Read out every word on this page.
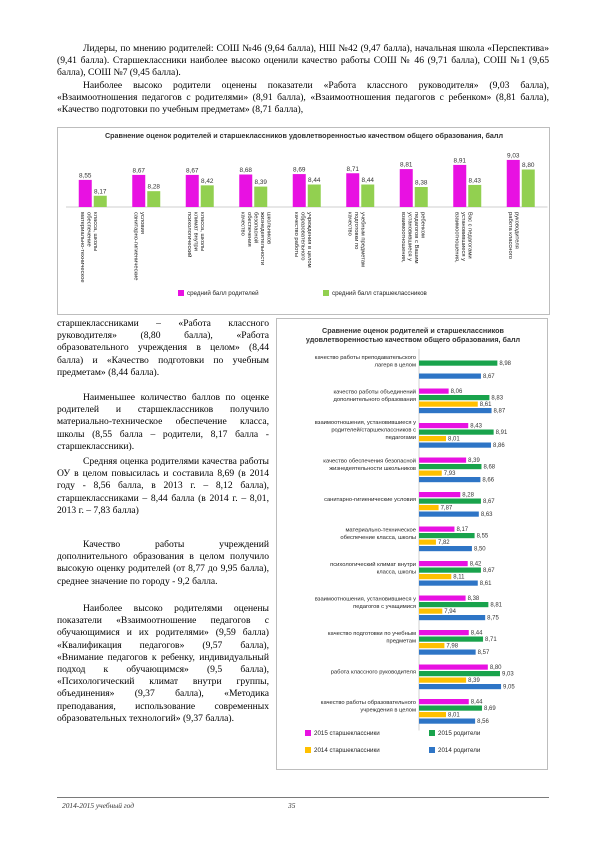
Лидеры, по мнению родителей: СОШ №46 (9,64 балла), НШ №42 (9,47 балла), начальная школа «Перспектива» (9,41 балла). Старшеклассники наиболее высоко оценили качество работы СОШ № 46 (9,71 балла), СОШ №1 (9,65 балла), СОШ №7 (9,45 балла).
Наиболее высоко родители оценены показатели «Работа классного руководителя» (9,03 балла), «Взаимоотношения педагогов с родителями» (8,91 балла), «Взаимоотношения педагогов с ребенком» (8,81 балла), «Качество подготовки по учебным предметам» (8,71 балла),
Сравнение оценок родителей и старшеклассников удовлетворенностью качеством общего образования, балл
8,55
8,17
материально-техническое обеспечение класса, школы
8,67
8,28
санитарно-гигиенические условия
8,67
8,42
психологический климат внутри класса, школы
8,68
8,39
качество обеспечения безопасной жизнедеятельности школьников
8,69
8,44
качество работы образовательного учреждения в целом
8,71
8,44
качество подготовки по учебным предметам
8,81
8,38
взаимоотношения, установившиеся у педагогов с Вашим ребенком
8,91
8,43
взаимоотношения, установившиеся у Вас с педагогами
9,03
8,80
работа классного руководителя
средний балл родителей	средний балл старшеклассников
старшеклассниками – «Работа классного руководителя» (8,80 балла), «Работа образовательного учреждения в целом» (8,44 балла) и «Качество подготовки по учебным предметам» (8,44 балла).
Наименьшее количество баллов по оценке родителей и старшеклассников получило материально-техническое обеспечение класса, школы (8,55 балла – родители, 8,17 балла - старшеклассники).
Средняя оценка родителями качества работы ОУ в целом повысилась и составила 8,69 (в 2014 году - 8,56 балла, в 2013 г. – 8,12 балла), старшеклассниками – 8,44 балла (в 2014 г. – 8,01, 2013 г. – 7,83 балла)
Качество работы учреждений дополнительного образования в целом получило высокую оценку родителей (от 8,77 до 9,95 балла), среднее значение по городу - 9,2 балла.
Наиболее высоко родителями оценены показатели «Взаимоотношение педагогов с обучающимися и их родителями» (9,59 балла) «Квалификация педагогов» (9,57 балла), «Внимание педагогов к ребенку, индивидуальный подход к обучающимся» (9,5 балла), «Психологический климат внутри группы, объединения» (9,37 балла), «Методика преподавания, использование современных образовательных технологий» (9,37 балла).
Сравнение оценок родителей и старшеклассников удовлетворенностью качеством общего образования, балл
качество работы преподавательского
лагеря в целом	8,98
8,67
качество работы объединений
дополнительного образования
8,06
8,83
8,61
8,87
взаимоотношения, установившиеся у
родителей/старшеклассников с
педагогами
8,43
8,91
8,01
8,86
качество обеспечения безопасной
жизнедеятельности школьников
8,39
8,68
7,93
8,66
санитарно-гигиенические условия
8,28
8,67
7,87
8,63
материально-техническое
обеспечение класса, школы
8,17
8,55
7,82
8,50
психологический климат внутри
класса, школы
8,42
8,67
8,11
8,61
взаимоотношения, установившиеся у
педагогов с учащимися
8,38
8,81
7,94
8,75
качество подготовки по учебным
предметам
8,44
8,71
7,98
8,57
работа классного руководителя
8,80
9,03
8,39
9,05
качество работы образовательного
учреждения в целом
8,44
8,69
8,01
8,56
2015 старшеклассники	2015 родители
2014 старшеклассники	2014 родители
2014-2015 учебный год	35
